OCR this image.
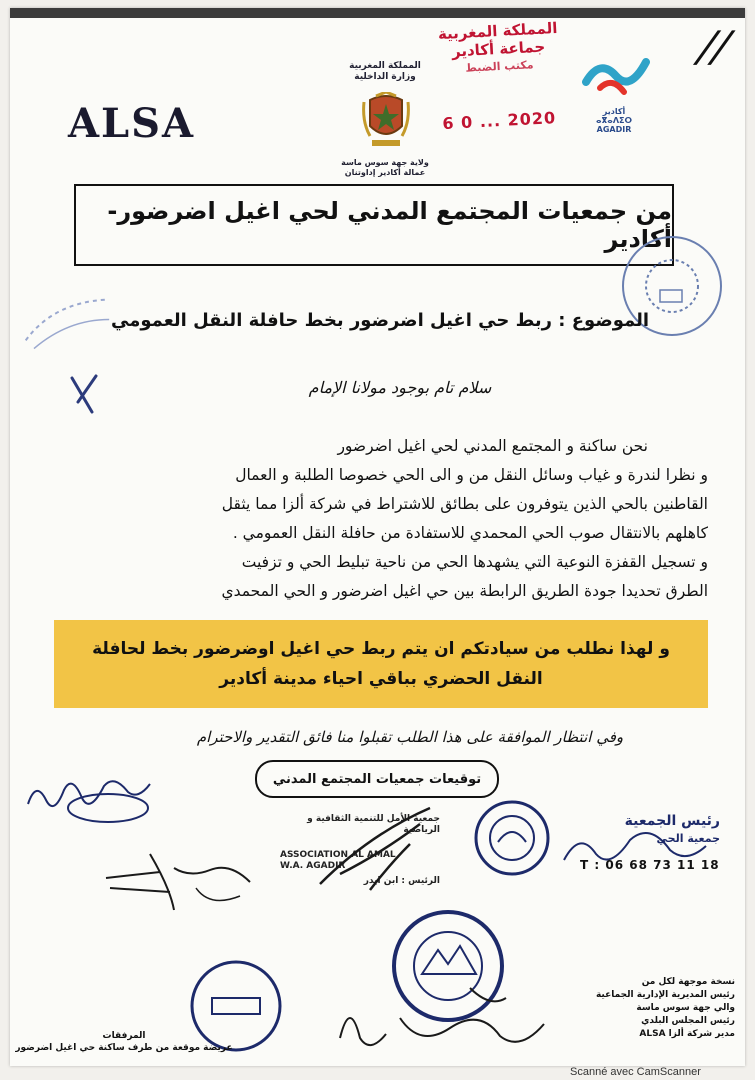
//
ALSA
المملكة المغربية
جماعة أكادير
مكتب الضبط
2020 ... 0 6
المملكة المغربية
وزارة الداخلية
ولاية جهة سوس ماسة
عمالة أكادير إداوتنان
أكادير
ⴰⴳⴰⴷⵉⵔ
AGADIR
من جمعيات المجتمع المدني لحي اغيل اضرضور-أكادير
الموضوع : ربط حي اغيل اضرضور بخط حافلة النقل العمومي
سلام تام بوجود مولانا الإمام
نحن ساكنة و المجتمع المدني لحي اغيل اضرضور
و نظرا لندرة و غياب وسائل النقل من و الى الحي خصوصا الطلبة و العمال
القاطنين بالحي الذين يتوفرون على بطائق للاشتراط في شركة ألزا مما يثقل
كاهلهم بالانتقال صوب الحي المحمدي للاستفادة من حافلة النقل العمومي .
و تسجيل القفزة النوعية التي يشهدها الحي من ناحية تبليط الحي و تزفيت
الطرق تحديدا جودة الطريق الرابطة بين حي اغيل اضرضور و الحي المحمدي
و لهذا نطلب من سيادتكم ان يتم ربط حي اغيل اوضرضور بخط لحافلة
النقل الحضري بباقي احياء مدينة أكادير
وفي انتظار الموافقة على هذا الطلب تقبلوا منا فائق التقدير والاحترام
توقيعات جمعيات المجتمع المدني
جمعية الأمل للتنمية الثقافية و الرياضية
ASSOCIATION AL AMAL
W.A. AGADIR
الرئيس : ابن ايدر
رئيس الجمعية
جمعية الحي
T : 06 68 73 11 18
نسخة موجهة لكل من
رئيس المديرية الإدارية الجماعية
والي جهة سوس ماسة
رئيس المجلس البلدي
مدير شركة ألزا ALSA
المرفقات
عريضة موقعة من طرف ساكنة حي اغيل اضرضور
Scanné avec CamScanner
